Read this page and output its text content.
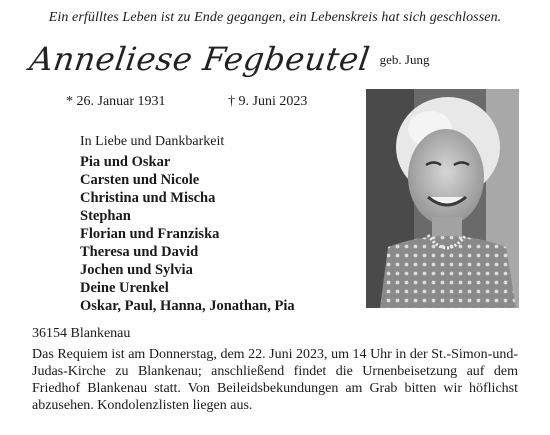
Ein erfülltes Leben ist zu Ende gegangen, ein Lebenskreis hat sich geschlossen.
Anneliese Fegbeutel $^{geb. Jung}$
* 26. Januar 1931	† 9. Juni 2023
In Liebe und Dankbarkeit
Pia und Oskar
Carsten und Nicole
Christina und Mischa
Stephan
Florian und Franziska
Theresa und David
Jochen und Sylvia
Deine Urenkel
Oskar, Paul, Hanna, Jonathan, Pia
36154 Blankenau

Das Requiem ist am Donnerstag, dem 22. Juni 2023, um 14 Uhr in der St.-Simon-und-Judas-Kirche zu Blankenau; anschließend findet die Urnenbeisetzung auf dem Friedhof Blankenau statt. Von Beileidsbekundungen am Grab bitten wir höflichst abzusehen. Kondolenzlisten liegen aus.
